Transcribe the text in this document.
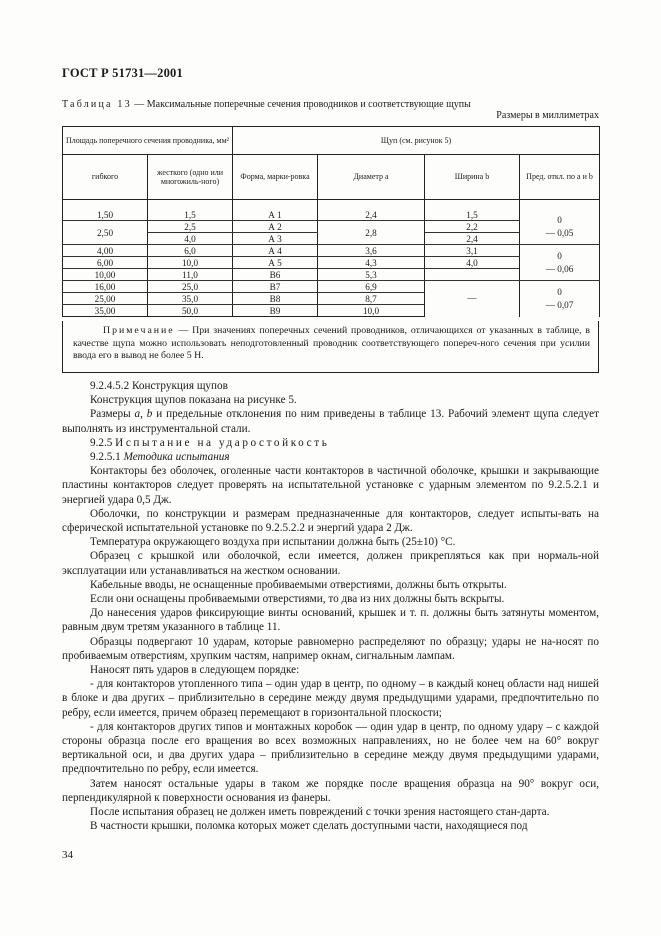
ГОСТ Р 51731—2001
Таблица 13 — Максимальные поперечные сечения проводников и соответствующие щупы
Размеры в миллиметрах
Площадь поперечного сечения проводника, мм²		Щуп (см. рисунок 5)			
гибкого	жесткого (одно или многожиль-ного)	Форма, марки-ровка	Диаметр a	Ширина b	Пред. откл. по a и b

1,50	1,5	А 1	2,4	1,5	0
— 0,05
2,50	2,5	А 2	2,8	2,2	
	4,0	А 3		2,4	
4,00	6,0	А 4	3,6	3,1	0
— 0,06
6,00	10,0	А 5	4,3	4,0	
10,00	11,0	В6	5,3		
16,00	25,0	В7	6,9	—	0
— 0,07
25,00	35,0	В8	8,7		
35,00	50,0	В9	10,0		
Примечание — При значениях поперечных сечений проводников, отличающихся от указанных в таблице, в качестве щупа можно использовать неподготовленный проводник соответствующего попереч-ного сечения при усилии ввода его в вывод не более 5 Н.

9.2.4.5.2 Конструкция щупов

Конструкция щупов показана на рисунке 5.

Размеры a, b и предельные отклонения по ним приведены в таблице 13. Рабочий элемент щупа следует выполнять из инструментальной стали.

9.2.5 Испытание на ударостойкость

9.2.5.1 Методика испытания

Контакторы без оболочек, оголенные части контакторов в частичной оболочке, крышки и закрывающие пластины контакторов следует проверять на испытательной установке с ударным элементом по 9.2.5.2.1 и энергией удара 0,5 Дж.

Оболочки, по конструкции и размерам предназначенные для контакторов, следует испыты-вать на сферической испытательной установке по 9.2.5.2.2 и энергий удара 2 Дж.

Температура окружающего воздуха при испытании должна быть (25±10) °С.

Образец с крышкой или оболочкой, если имеется, должен прикрепляться как при нормаль-ной эксплуатации или устанавливаться на жестком основании.

Кабельные вводы, не оснащенные пробиваемыми отверстиями, должны быть открыты.

Если они оснащены пробиваемыми отверстиями, то два из них должны быть вскрыты.

До нанесения ударов фиксирующие винты оснований, крышек и т. п. должны быть затянуты моментом, равным двум третям указанного в таблице 11.

Образцы подвергают 10 ударам, которые равномерно распределяют по образцу; удары не на-носят по пробиваемым отверстиям, хрупким частям, например окнам, сигнальным лампам.

Наносят пять ударов в следующем порядке:

- для контакторов утопленного типа – один удар в центр, по одному – в каждый конец области над нишей в блоке и два других – приблизительно в середине между двумя предыдущими ударами, предпочтительно по ребру, если имеется, причем образец перемещают в горизонтальной плоскости;

- для контакторов других типов и монтажных коробок — один удар в центр, по одному удару – с каждой стороны образца после его вращения во всех возможных направлениях, но не более чем на 60° вокруг вертикальной оси, и два других удара – приблизительно в середине между двумя предыдущими ударами, предпочтительно по ребру, если имеется.

Затем наносят остальные удары в таком же порядке после вращения образца на 90° вокруг оси, перпендикулярной к поверхности основания из фанеры.

После испытания образец не должен иметь повреждений с точки зрения настоящего стан-дарта.

В частности крышки, поломка которых может сделать доступными части, находящиеся под

34
